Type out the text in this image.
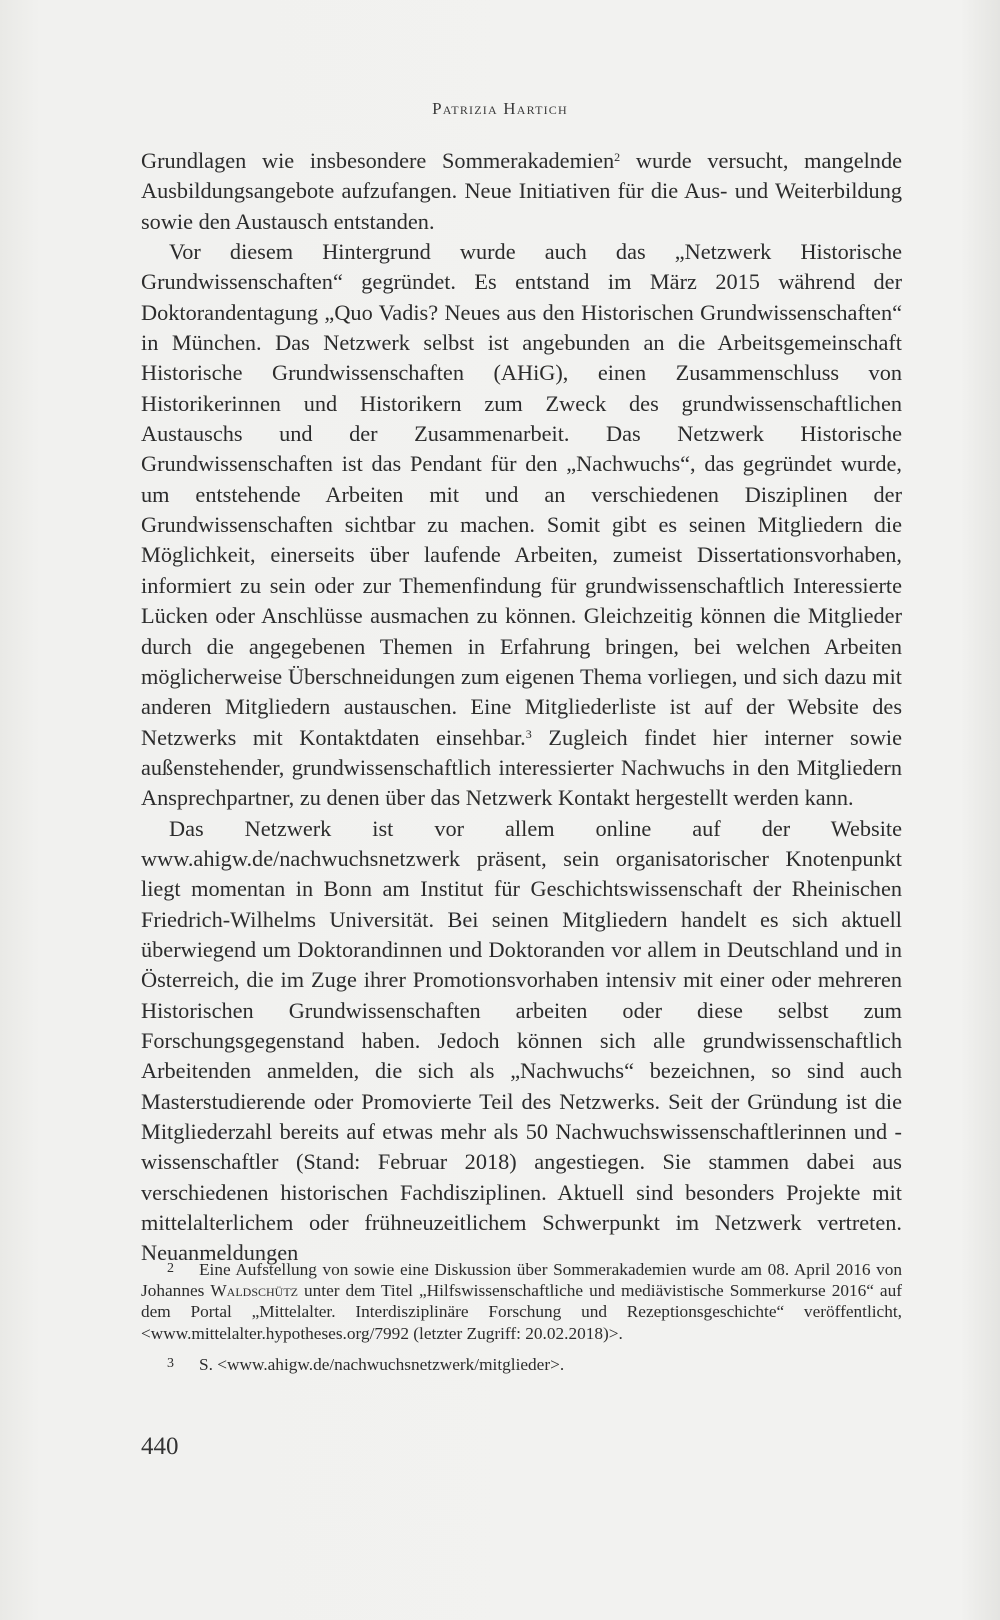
Patrizia Hartich

Grundlagen wie insbesondere Sommerakademien$^2$ wurde versucht, mangelnde Ausbildungsangebote aufzufangen. Neue Initiativen für die Aus- und Weiterbildung sowie den Austausch entstanden.

Vor diesem Hintergrund wurde auch das „Netzwerk Historische Grundwissenschaften“ gegründet. Es entstand im März 2015 während der Doktorandentagung „Quo Vadis? Neues aus den Historischen Grundwissenschaften“ in München. Das Netzwerk selbst ist angebunden an die Arbeitsgemeinschaft Historische Grundwissenschaften (AHiG), einen Zusammenschluss von Historikerinnen und Historikern zum Zweck des grundwissenschaftlichen Austauschs und der Zusammenarbeit. Das Netzwerk Historische Grundwissenschaften ist das Pendant für den „Nachwuchs“, das gegründet wurde, um entstehende Arbeiten mit und an verschiedenen Disziplinen der Grundwissenschaften sichtbar zu machen. Somit gibt es seinen Mitgliedern die Möglichkeit, einerseits über laufende Arbeiten, zumeist Dissertationsvorhaben, informiert zu sein oder zur Themenfindung für grundwissenschaftlich Interessierte Lücken oder Anschlüsse ausmachen zu können. Gleichzeitig können die Mitglieder durch die angegebenen Themen in Erfahrung bringen, bei welchen Arbeiten möglicherweise Überschneidungen zum eigenen Thema vorliegen, und sich dazu mit anderen Mitgliedern austauschen. Eine Mitgliederliste ist auf der Website des Netzwerks mit Kontaktdaten einsehbar.$^3$ Zugleich findet hier interner sowie außenstehender, grundwissenschaftlich interessierter Nachwuchs in den Mitgliedern Ansprechpartner, zu denen über das Netzwerk Kontakt hergestellt werden kann.

Das Netzwerk ist vor allem online auf der Website www.ahigw.de/nachwuchsnetzwerk präsent, sein organisatorischer Knotenpunkt liegt momentan in Bonn am Institut für Geschichtswissenschaft der Rheinischen Friedrich-Wilhelms Universität. Bei seinen Mitgliedern handelt es sich aktuell überwiegend um Doktorandinnen und Doktoranden vor allem in Deutschland und in Österreich, die im Zuge ihrer Promotionsvorhaben intensiv mit einer oder mehreren Historischen Grundwissenschaften arbeiten oder diese selbst zum Forschungsgegenstand haben. Jedoch können sich alle grundwissenschaftlich Arbeitenden anmelden, die sich als „Nachwuchs“ bezeichnen, so sind auch Masterstudierende oder Promovierte Teil des Netzwerks. Seit der Gründung ist die Mitgliederzahl bereits auf etwas mehr als 50 Nachwuchswissenschaftlerinnen und -wissenschaftler (Stand: Februar 2018) angestiegen. Sie stammen dabei aus verschiedenen historischen Fachdisziplinen. Aktuell sind besonders Projekte mit mittelalterlichem oder frühneuzeitlichem Schwerpunkt im Netzwerk vertreten. Neuanmeldungen

2 Eine Aufstellung von sowie eine Diskussion über Sommerakademien wurde am 08. April 2016 von Johannes Waldschütz unter dem Titel „Hilfswissenschaftliche und mediävistische Sommerkurse 2016“ auf dem Portal „Mittelalter. Interdisziplinäre Forschung und Rezeptionsgeschichte“ veröffentlicht, <www.mittelalter.hypotheses.org/7992 (letzter Zugriff: 20.02.2018)>.

3 S. <www.ahigw.de/nachwuchsnetzwerk/mitglieder>.

440
